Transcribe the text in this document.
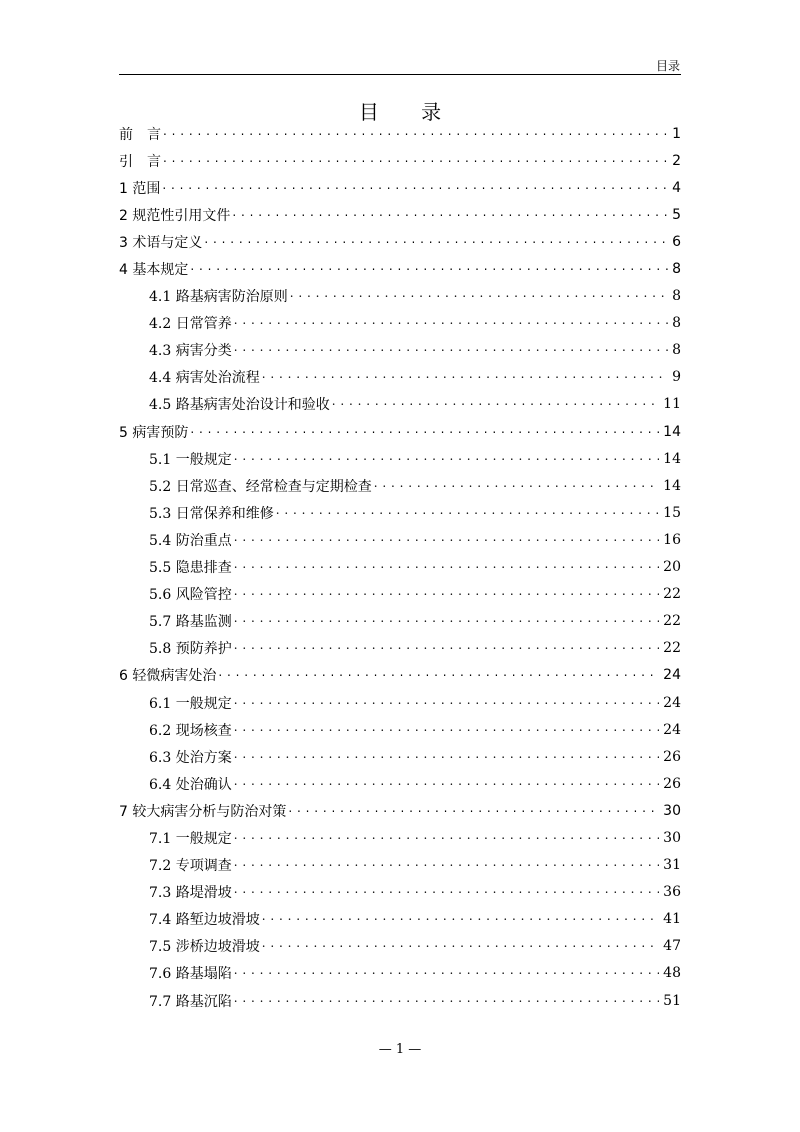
目录
目 录
前　言 . . .	1
引　言 . . .	2
1 范围 . . .	4
2 规范性引用文件 . . .	5
3 术语与定义 . . .	6
4 基本规定 . . .	8
4.1 路基病害防治原则 . . .	8
4.2 日常管养 . . .	8
4.3 病害分类 . . .	8
4.4 病害处治流程 . . .	9
4.5 路基病害处治设计和验收 . . .	11
5 病害预防 . . .	14
5.1 一般规定 . . .	14
5.2 日常巡查、经常检查与定期检查 . . .	14
5.3 日常保养和维修 . . .	15
5.4 防治重点 . . .	16
5.5 隐患排查 . . .	20
5.6 风险管控 . . .	22
5.7 路基监测 . . .	22
5.8 预防养护 . . .	22
6 轻微病害处治 . . .	24
6.1 一般规定 . . .	24
6.2 现场核查 . . .	24
6.3 处治方案 . . .	26
6.4 处治确认 . . .	26
7 较大病害分析与防治对策 . . .	30
7.1 一般规定 . . .	30
7.2 专项调查 . . .	31
7.3 路堤滑坡 . . .	36
7.4 路堑边坡滑坡 . . .	41
7.5 涉桥边坡滑坡 . . .	47
7.6 路基塌陷 . . .	48
7.7 路基沉陷 . . .	51
— 1 —
